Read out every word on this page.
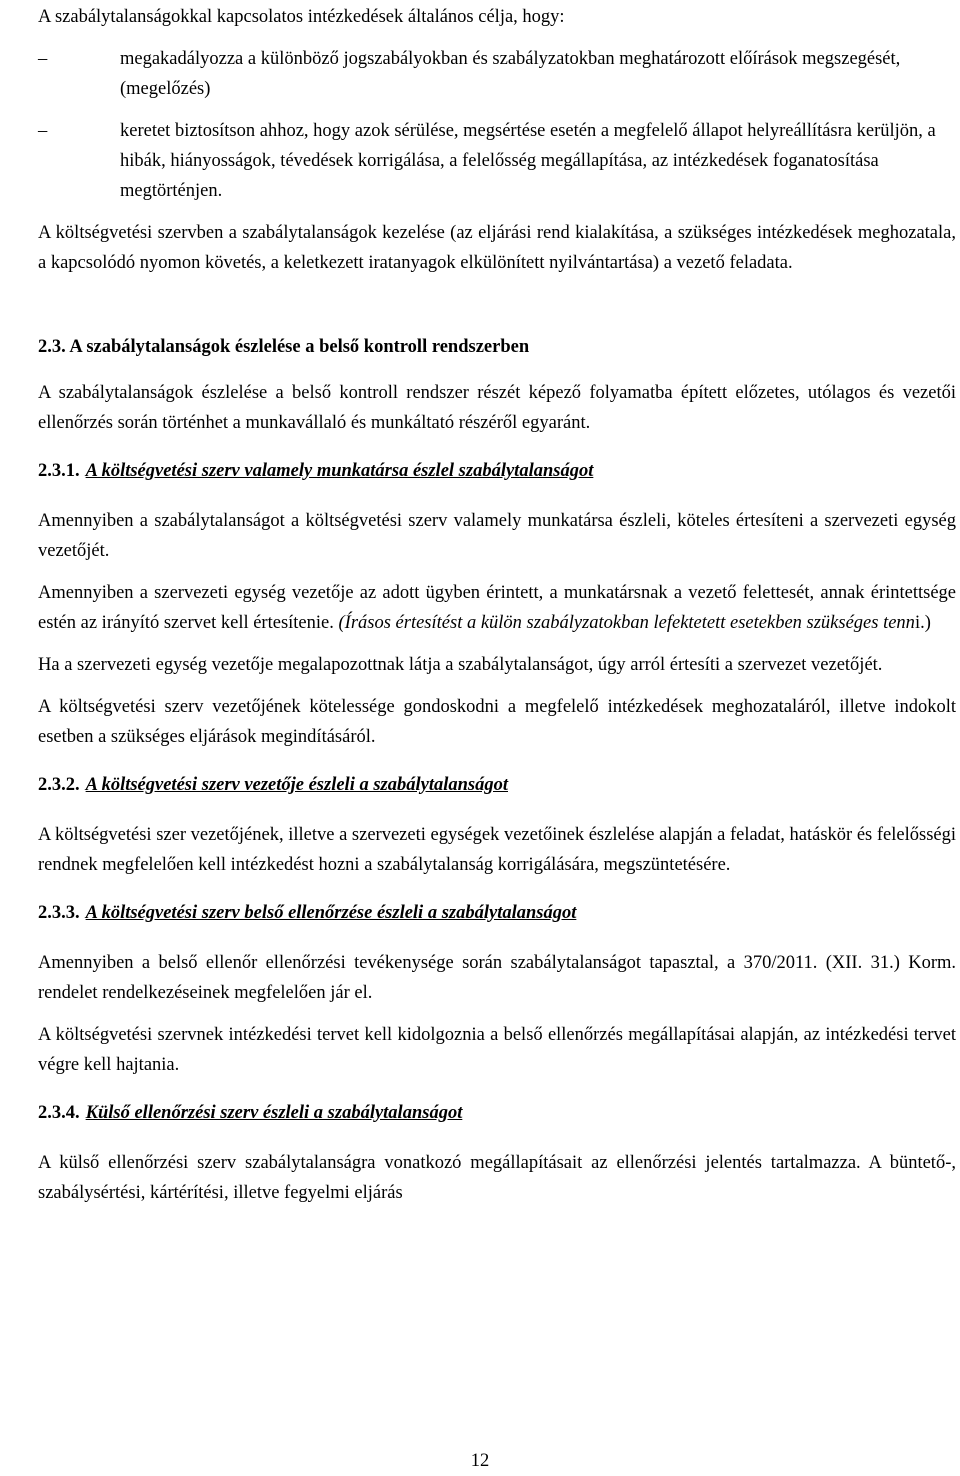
A szabálytalanságokkal kapcsolatos intézkedések általános célja, hogy:

–	megakadályozza a különböző jogszabályokban és szabályzatokban meghatározott előírások megszegését, (megelőzés)
–	keretet biztosítson ahhoz, hogy azok sérülése, megsértése esetén a megfelelő állapot helyreállításra kerüljön, a hibák, hiányosságok, tévedések korrigálása, a felelősség megállapítása, az intézkedések foganatosítása megtörténjen.

A költségvetési szervben a szabálytalanságok kezelése (az eljárási rend kialakítása, a szükséges intézkedések meghozatala, a kapcsolódó nyomon követés, a keletkezett iratanyagok elkülönített nyilvántartása) a vezető feladata.

2.3. A szabálytalanságok észlelése a belső kontroll rendszerben

A szabálytalanságok észlelése a belső kontroll rendszer részét képező folyamatba épített előzetes, utólagos és vezetői ellenőrzés során történhet a munkavállaló és munkáltató részéről egyaránt.

2.3.1. A költségvetési szerv valamely munkatársa észlel szabálytalanságot

Amennyiben a szabálytalanságot a költségvetési szerv valamely munkatársa észleli, köteles értesíteni a szervezeti egység vezetőjét.

Amennyiben a szervezeti egység vezetője az adott ügyben érintett, a munkatársnak a vezető felettesét, annak érintettsége estén az irányító szervet kell értesítenie. (Írásos értesítést a külön szabályzatokban lefektetett esetekben szükséges tenni.)

Ha a szervezeti egység vezetője megalapozottnak látja a szabálytalanságot, úgy arról értesíti a szervezet vezetőjét.

A költségvetési szerv vezetőjének kötelessége gondoskodni a megfelelő intézkedések meghozataláról, illetve indokolt esetben a szükséges eljárások megindításáról.

2.3.2. A költségvetési szerv vezetője észleli a szabálytalanságot

A költségvetési szer vezetőjének, illetve a szervezeti egységek vezetőinek észlelése alapján a feladat, hatáskör és felelősségi rendnek megfelelően kell intézkedést hozni a szabálytalanság korrigálására, megszüntetésére.

2.3.3. A költségvetési szerv belső ellenőrzése észleli a szabálytalanságot

Amennyiben a belső ellenőr ellenőrzési tevékenysége során szabálytalanságot tapasztal, a 370/2011. (XII. 31.) Korm. rendelet rendelkezéseinek megfelelően jár el.

A költségvetési szervnek intézkedési tervet kell kidolgoznia a belső ellenőrzés megállapításai alapján, az intézkedési tervet végre kell hajtania.

2.3.4. Külső ellenőrzési szerv észleli a szabálytalanságot

A külső ellenőrzési szerv szabálytalanságra vonatkozó megállapításait az ellenőrzési jelentés tartalmazza. A büntető-, szabálysértési, kártérítési, illetve fegyelmi eljárás

12
